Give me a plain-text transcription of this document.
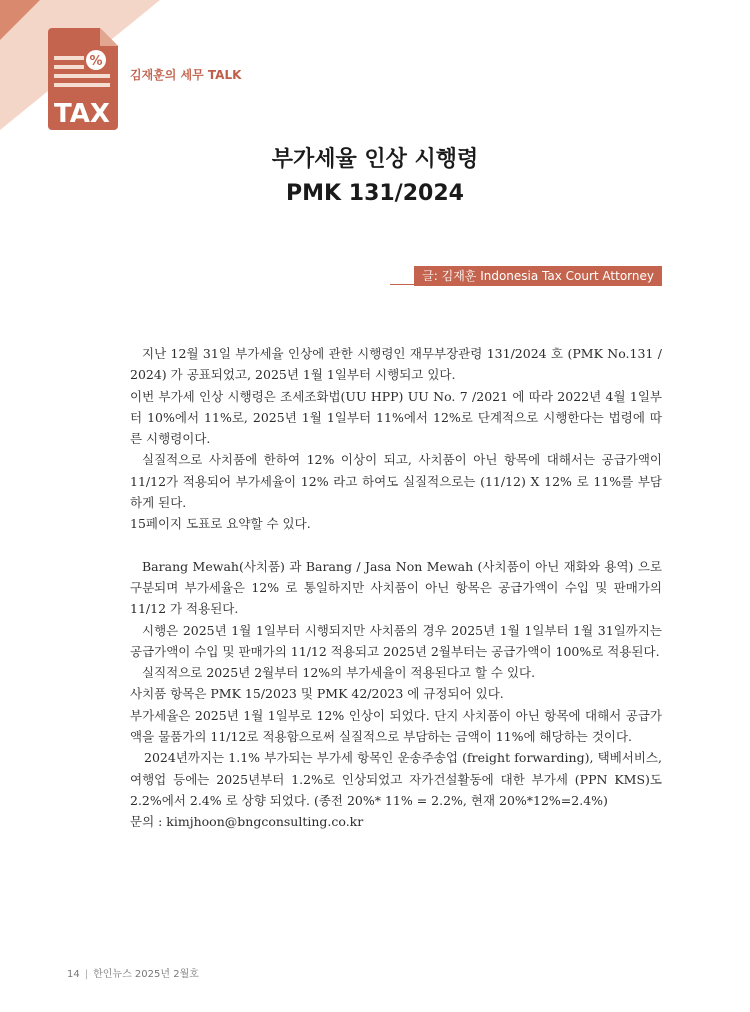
%
TAX
김재훈의 세무 TALK
부가세율 인상 시행령
PMK 131/2024
글: 김재훈 Indonesia Tax Court Attorney

지난 12월 31일 부가세율 인상에 관한 시행령인 재무부장관령 131/2024 호 (PMK No.131 / 2024) 가 공표되었고, 2025년 1월 1일부터 시행되고 있다.

이번 부가세 인상 시행령은 조세조화법(UU HPP) UU No. 7 /2021 에 따라 2022년 4월 1일부터 10%에서 11%로, 2025년 1월 1일부터 11%에서 12%로 단계적으로 시행한다는 법령에 따른 시행령이다.

실질적으로 사치품에 한하여 12% 이상이 되고, 사치품이 아닌 항목에 대해서는 공급가액이 11/12가 적용되어 부가세율이 12% 라고 하여도 실질적으로는 (11/12) X 12% 로 11%를 부담하게 된다.

15페이지 도표로 요약할 수 있다.

Barang Mewah(사치품) 과 Barang / Jasa Non Mewah (사치품이 아닌 재화와 용역) 으로 구분되며 부가세율은 12% 로 통일하지만 사치품이 아닌 항목은 공급가액이 수입 및 판매가의 11/12 가 적용된다.

시행은 2025년 1월 1일부터 시행되지만 사치품의 경우 2025년 1월 1일부터 1월 31일까지는 공급가액이 수입 및 판매가의 11/12 적용되고 2025년 2월부터는 공급가액이 100%로 적용된다.

실직적으로 2025년 2월부터 12%의 부가세율이 적용된다고 할 수 있다.

사치품 항목은 PMK 15/2023 및 PMK 42/2023 에 규정되어 있다.

부가세율은 2025년 1월 1일부로 12% 인상이 되었다. 단지 사치품이 아닌 항목에 대해서 공급가액을 물품가의 11/12로 적용함으로써 실질적으로 부담하는 금액이 11%에 해당하는 것이다.

2024년까지는 1.1% 부가되는 부가세 항목인 운송주송업 (freight forwarding), 택베서비스, 여행업 등에는 2025년부터 1.2%로 인상되었고 자가건설활동에 대한 부가세 (PPN KMS)도 2.2%에서 2.4% 로 상향 되었다. (종전 20%* 11% = 2.2%, 현재 20%*12%=2.4%)

문의 : kimjhoon@bngconsulting.co.kr

14 | 한인뉴스 2025년 2월호
